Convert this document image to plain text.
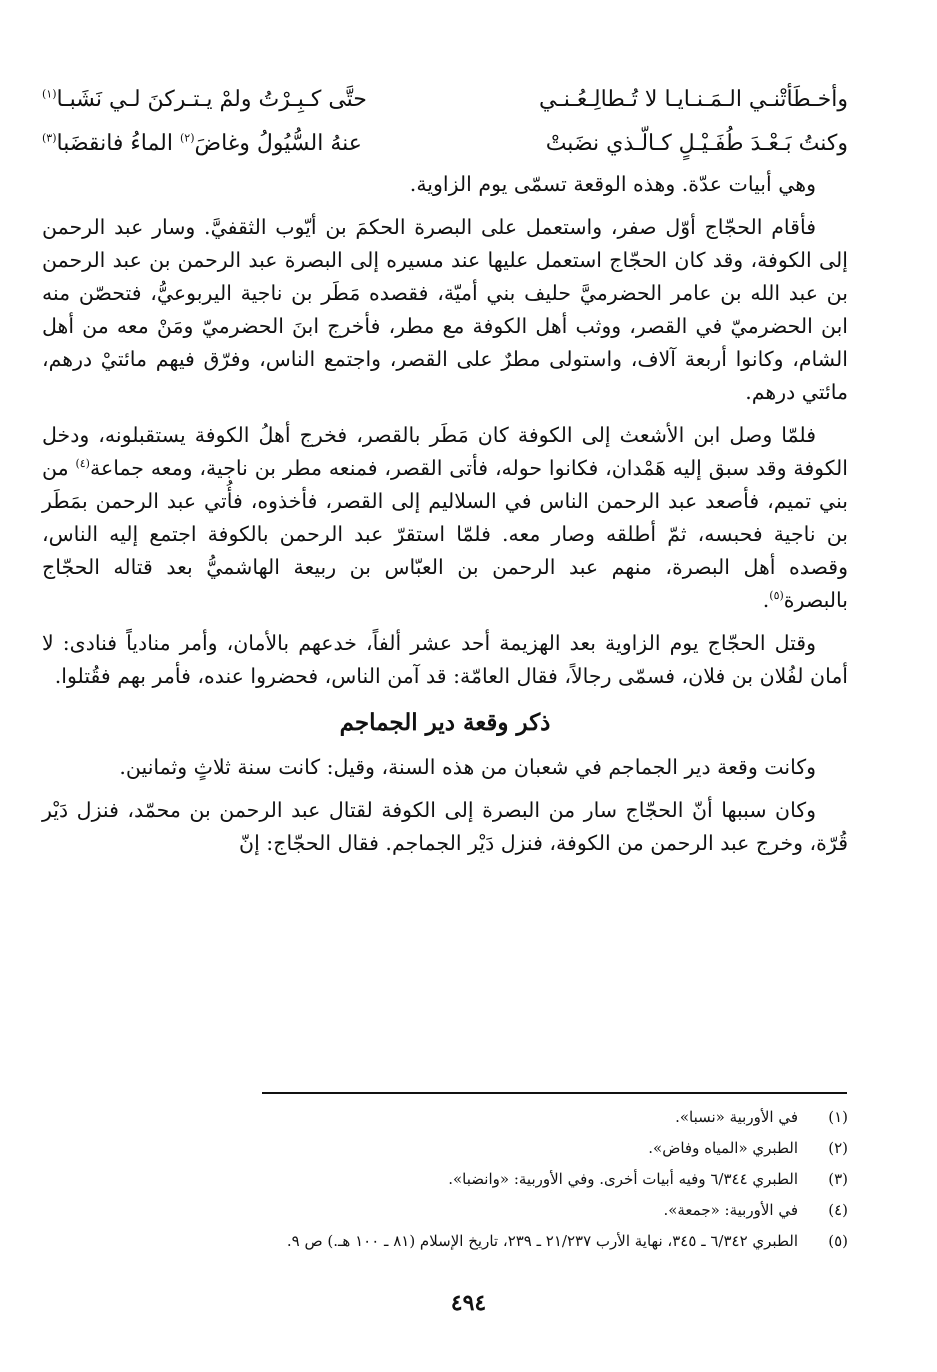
وأخـطَأتْنـي الـمَـنـايـا لا تُـطالِـعُـنـي
حتَّى كـبِـرْتُ ولمْ يـتـركنَ لـي نَشَبـا$^{(١)}$
وكنتُ بَـعْـدَ طُفَـيْـلٍ كـالّـذي نضَبتْ
عنهُ السُّيُولُ وغاضَ$^{(٢)}$ الماءُ فانقضَبا$^{(٣)}$

وهي أبيات عدّة. وهذه الوقعة تسمّى يوم الزاوية.

فأقام الحجّاج أوّل صفر، واستعمل على البصرة الحكمَ بن أيّوب الثقفيَّ. وسار عبد الرحمن إلى الكوفة، وقد كان الحجّاج استعمل عليها عند مسيره إلى البصرة عبد الرحمن بن عبد الرحمن بن عبد الله بن عامر الحضرميَّ حليف بني أميّة، فقصده مَطَر بن ناجية اليربوعيُّ، فتحصّن منه ابن الحضرميّ في القصر، ووثب أهل الكوفة مع مطر، فأخرج ابنَ الحضرميّ ومَنْ معه من أهل الشام، وكانوا أربعة آلاف، واستولى مطرٌ على القصر، واجتمع الناس، وفرّق فيهم مائتيْ درهم، مائتي درهم.

فلمّا وصل ابن الأشعث إلى الكوفة كان مَطَر بالقصر، فخرج أهلُ الكوفة يستقبلونه، ودخل الكوفة وقد سبق إليه هَمْدان، فكانوا حوله، فأتى القصر، فمنعه مطر بن ناجية، ومعه جماعة$^{(٤)}$ من بني تميم، فأصعد عبد الرحمن الناس في السلاليم إلى القصر، فأخذوه، فأُتي عبد الرحمن بمَطَر بن ناجية فحبسه، ثمّ أطلقه وصار معه. فلمّا استقرّ عبد الرحمن بالكوفة اجتمع إليه الناس، وقصده أهل البصرة، منهم عبد الرحمن بن العبّاس بن ربيعة الهاشميُّ بعد قتاله الحجّاج بالبصرة$^{(٥)}$.

وقتل الحجّاج يوم الزاوية بعد الهزيمة أحد عشر ألفاً، خدعهم بالأمان، وأمر منادياً فنادى: لا أمان لفُلان بن فلان، فسمّى رجالاً، فقال العامّة: قد آمن الناس، فحضروا عنده، فأمر بهم فقُتلوا.

ذكر وقعة دير الجماجم

وكانت وقعة دير الجماجم في شعبان من هذه السنة، وقيل: كانت سنة ثلاثٍ وثمانين.

وكان سببها أنّ الحجّاج سار من البصرة إلى الكوفة لقتال عبد الرحمن بن محمّد، فنزل دَيْر قُرّة، وخرج عبد الرحمن من الكوفة، فنزل دَيْر الجماجم. فقال الحجّاج: إنّ

(١)
في الأوربية «نسبا».
(٢)
الطبري «المياه وفاض».
(٣)
الطبري ٦/٣٤٤ وفيه أبيات أخرى. وفي الأوربية: «وانضبا».
(٤)
في الأوربية: «جمعة».
(٥)
الطبري ٦/٣٤٢ ـ ٣٤٥، نهاية الأرب ٢١/٢٣٧ ـ ٢٣٩، تاريخ الإسلام (٨١ ـ ١٠٠ هـ.) ص ٩.
٤٩٤
